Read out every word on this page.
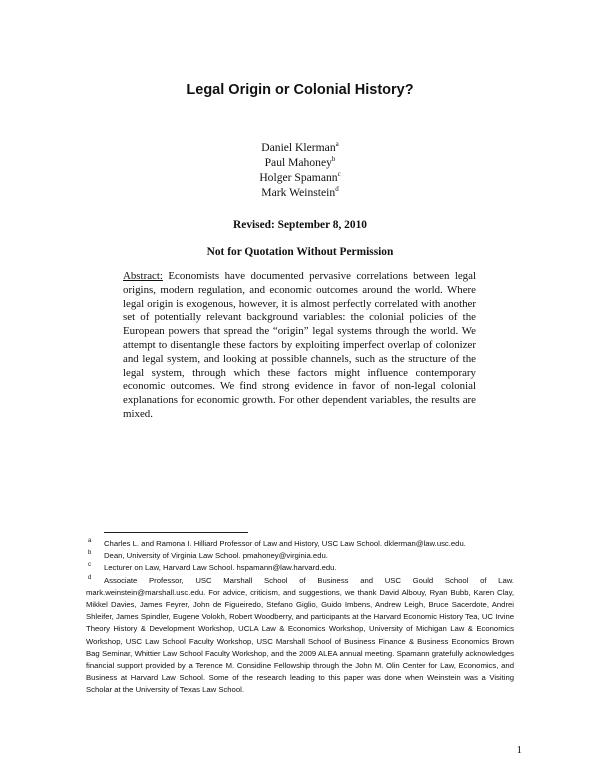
Legal Origin or Colonial History?
Daniel Klerman$^a$
Paul Mahoney$^b$
Holger Spamann$^c$
Mark Weinstein$^d$
Revised: September 8, 2010
Not for Quotation Without Permission

Abstract: Economists have documented pervasive correlations between legal origins, modern regulation, and economic outcomes around the world. Where legal origin is exogenous, however, it is almost perfectly correlated with another set of potentially relevant background variables: the colonial policies of the European powers that spread the “origin” legal systems through the world. We attempt to disentangle these factors by exploiting imperfect overlap of colonizer and legal system, and looking at possible channels, such as the structure of the legal system, through which these factors might influence contemporary economic outcomes. We find strong evidence in favor of non-legal colonial explanations for economic growth. For other dependent variables, the results are mixed.

a Charles L. and Ramona I. Hilliard Professor of Law and History, USC Law School. dklerman@law.usc.edu.
b Dean, University of Virginia Law School. pmahoney@virginia.edu.
c Lecturer on Law, Harvard Law School. hspamann@law.harvard.edu.
d Associate Professor, USC Marshall School of Business and USC Gould School of Law. mark.weinstein@marshall.usc.edu. For advice, criticism, and suggestions, we thank David Albouy, Ryan Bubb, Karen Clay, Mikkel Davies, James Feyrer, John de Figueiredo, Stefano Giglio, Guido Imbens, Andrew Leigh, Bruce Sacerdote, Andrei Shleifer, James Spindler, Eugene Volokh, Robert Woodberry, and participants at the Harvard Economic History Tea, UC Irvine Theory History & Development Workshop, UCLA Law & Economics Workshop, University of Michigan Law & Economics Workshop, USC Law School Faculty Workshop, USC Marshall School of Business Finance & Business Economics Brown Bag Seminar, Whittier Law School Faculty Workshop, and the 2009 ALEA annual meeting. Spamann gratefully acknowledges financial support provided by a Terence M. Considine Fellowship through the John M. Olin Center for Law, Economics, and Business at Harvard Law School. Some of the research leading to this paper was done when Weinstein was a Visiting Scholar at the University of Texas Law School.
1
